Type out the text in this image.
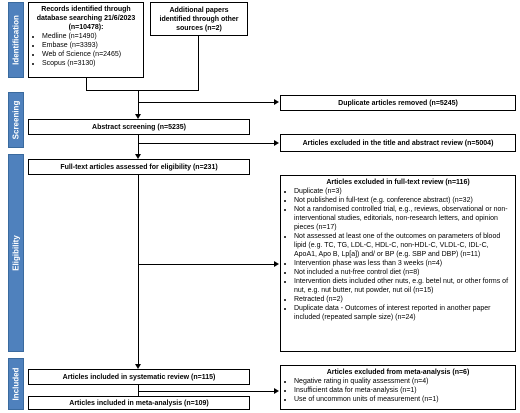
Identification
Screening
Eligibility
Included
Records identified through database searching 21/6/2023 (n=10478):
• Medline (n=1490)
• Embase (n=3393)
• Web of Science (n=2465)
• Scopus (n=3130)
Additional papers identified through other sources (n=2)
Duplicate articles removed (n=5245)
Abstract screening (n=5235)
Articles excluded in the title and abstract review (n=5004)
Full-text articles assessed for eligibility (n=231)
Articles excluded in full-text review (n=116)
• Duplicate (n=3)
• Not published in full-text (e.g. conference abstract) (n=32)
• Not a randomised controlled trial, e.g., reviews, observational or non-interventional studies, editorials, non-research letters, and opinion pieces (n=17)
• Not assessed at least one of the outcomes on parameters of blood lipid (e.g. TC, TG, LDL-C, HDL-C, non-HDL-C, VLDL-C, IDL-C, ApoA1, Apo B, Lp[a]) and/ or BP (e.g. SBP and DBP) (n=11)
• Intervention phase was less than 3 weeks (n=4)
• Not included a nut-free control diet (n=8)
• Intervention diets included other nuts, e.g. betel nut, or other forms of nut, e.g. nut butter, nut powder, nut oil (n=15)
• Retracted (n=2)
• Duplicate data - Outcomes of interest reported in another paper included (repeated sample size) (n=24)
Articles included in systematic review (n=115)
Articles excluded from meta-analysis (n=6)
• Negative rating in quality assessment (n=4)
• Insufficient data for meta-analysis (n=1)
• Use of uncommon units of measurement (n=1)
Articles included in meta-analysis (n=109)
